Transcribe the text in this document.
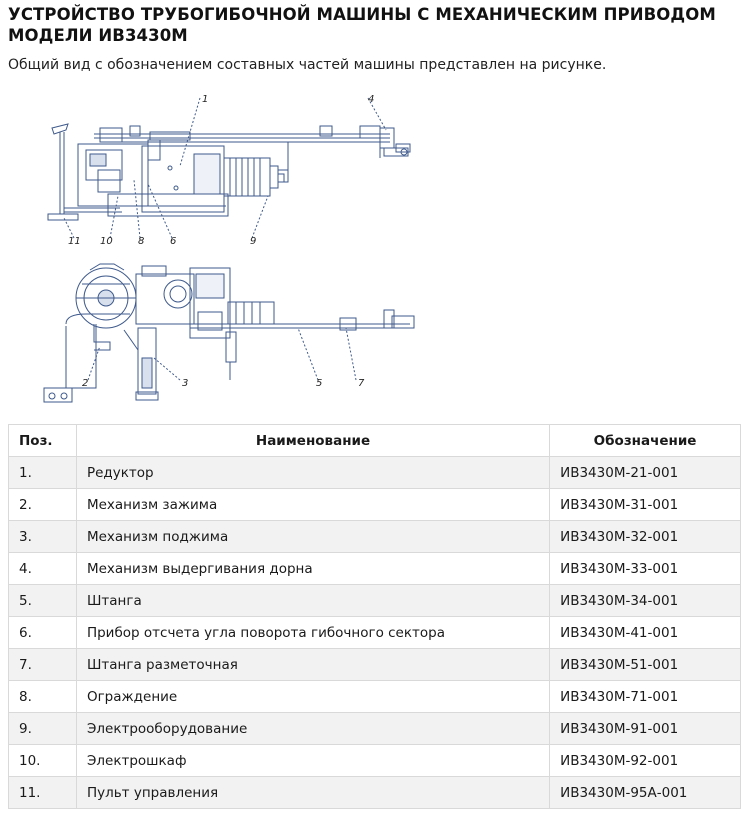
УСТРОЙСТВО ТРУБОГИБОЧНОЙ МАШИНЫ С МЕХАНИЧЕСКИМ ПРИВОДОМ МОДЕЛИ ИВ3430М

Общий вид с обозначением составных частей машины представлен на рисунке.

1
2	3
4
5
6
7
8	9
10
11
Поз.	Наименование	Обозначение
1.	Редуктор	ИВ3430М-21-001
2.	Механизм зажима	ИВ3430М-31-001
3.	Механизм поджима	ИВ3430М-32-001
4.	Механизм выдергивания дорна	ИВ3430М-33-001
5.	Штанга	ИВ3430М-34-001
6.	Прибор отсчета угла поворота гибочного сектора	ИВ3430М-41-001
7.	Штанга разметочная	ИВ3430М-51-001
8.	Ограждение	ИВ3430М-71-001
9.	Электрооборудование	ИВ3430М-91-001
10.	Электрошкаф	ИВ3430М-92-001
11.	Пульт управления	ИВ3430М-95А-001
